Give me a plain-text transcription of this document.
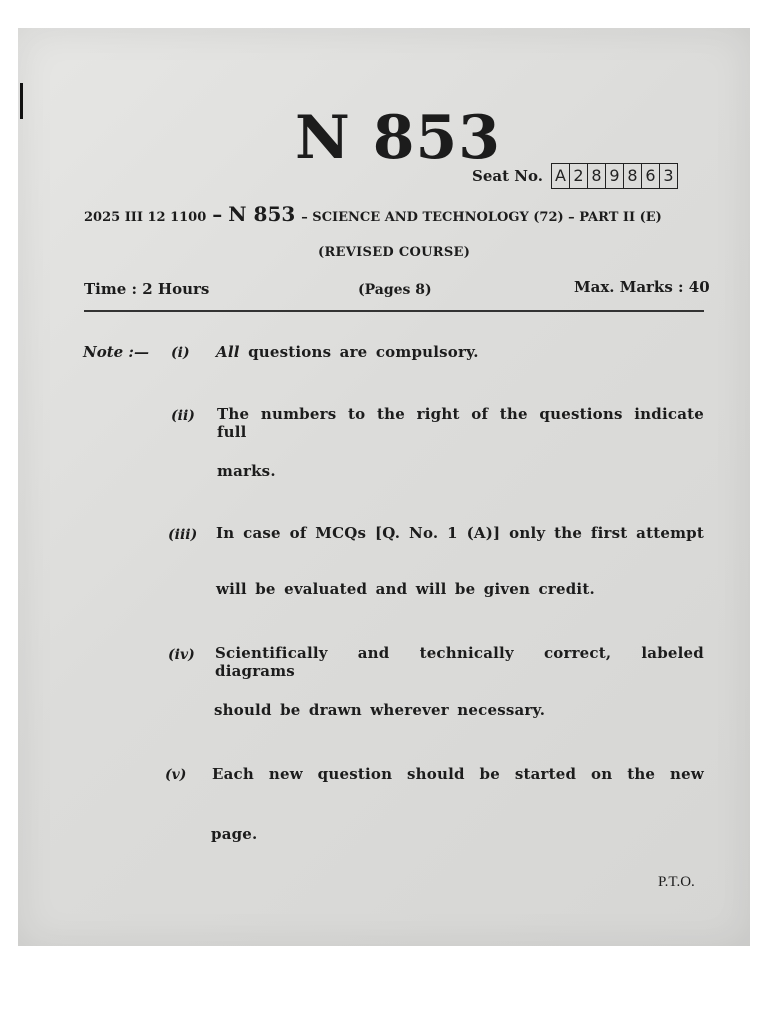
N 853
Seat No. A 2 8 9 8 6 3
2025 III 12 1100 – N 853 – SCIENCE AND TECHNOLOGY (72) – PART II (E)
(REVISED COURSE)
Time : 2 Hours	(Pages 8)	Max. Marks : 40
Note :— (i) All questions are compulsory.
(ii) The numbers to the right of the questions indicate full
marks.
(iii) In case of MCQs [Q. No. 1 (A)] only the first attempt
will be evaluated and will be given credit.
(iv) Scientifically and technically correct, labeled diagrams
should be drawn wherever necessary.
(v) Each new question should be started on the new
page.
P.T.O.
